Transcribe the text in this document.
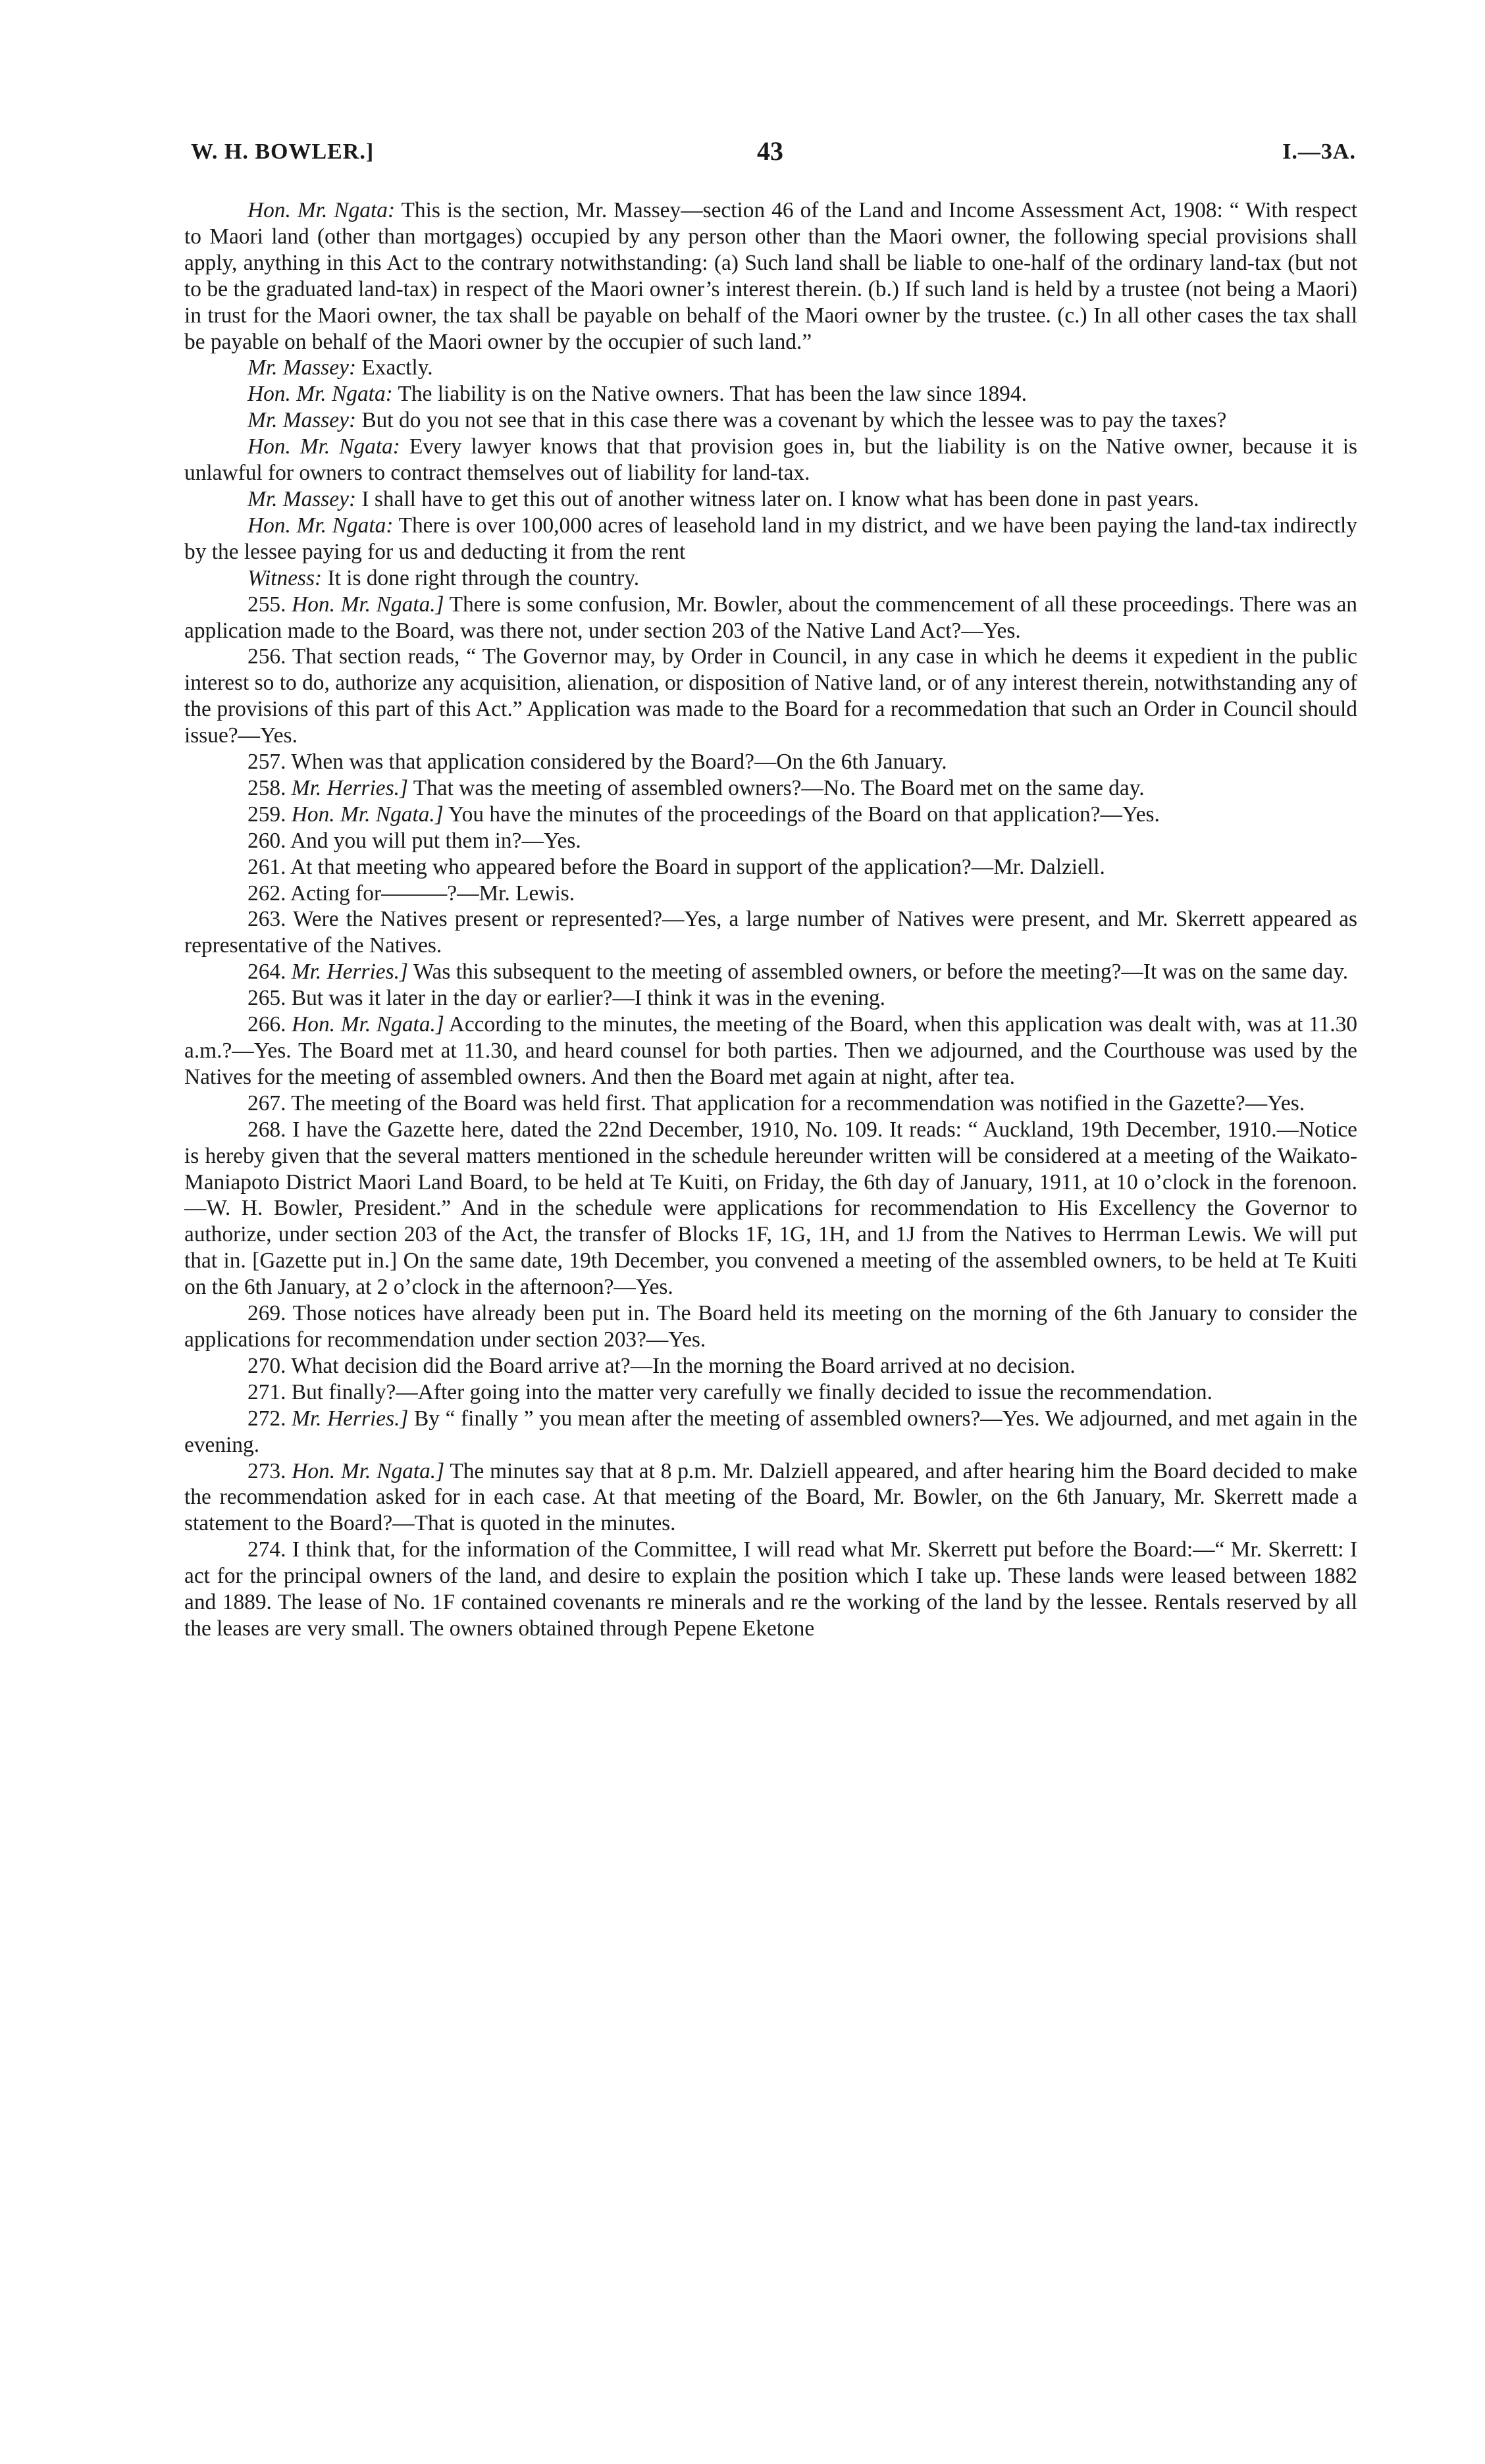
43
W. H. BOWLER.]	I.—3A.

Hon. Mr. Ngata: This is the section, Mr. Massey—section 46 of the Land and Income Assessment Act, 1908: “ With respect to Maori land (other than mortgages) occupied by any person other than the Maori owner, the following special provisions shall apply, anything in this Act to the contrary notwithstanding: (a) Such land shall be liable to one-half of the ordinary land-tax (but not to be the graduated land-tax) in respect of the Maori owner’s interest therein. (b.) If such land is held by a trustee (not being a Maori) in trust for the Maori owner, the tax shall be payable on behalf of the Maori owner by the trustee. (c.) In all other cases the tax shall be payable on behalf of the Maori owner by the occupier of such land.”

Mr. Massey: Exactly.

Hon. Mr. Ngata: The liability is on the Native owners. That has been the law since 1894.

Mr. Massey: But do you not see that in this case there was a covenant by which the lessee was to pay the taxes?

Hon. Mr. Ngata: Every lawyer knows that that provision goes in, but the liability is on the Native owner, because it is unlawful for owners to contract themselves out of liability for land-tax.

Mr. Massey: I shall have to get this out of another witness later on. I know what has been done in past years.

Hon. Mr. Ngata: There is over 100,000 acres of leasehold land in my district, and we have been paying the land-tax indirectly by the lessee paying for us and deducting it from the rent

Witness: It is done right through the country.

255. Hon. Mr. Ngata.] There is some confusion, Mr. Bowler, about the commencement of all these proceedings. There was an application made to the Board, was there not, under section 203 of the Native Land Act?—Yes.

256. That section reads, “ The Governor may, by Order in Council, in any case in which he deems it expedient in the public interest so to do, authorize any acquisition, alienation, or disposition of Native land, or of any interest therein, notwithstanding any of the provisions of this part of this Act.” Application was made to the Board for a recommedation that such an Order in Council should issue?—Yes.

257. When was that application considered by the Board?—On the 6th January.

258. Mr. Herries.] That was the meeting of assembled owners?—No. The Board met on the same day.

259. Hon. Mr. Ngata.] You have the minutes of the proceedings of the Board on that application?—Yes.

260. And you will put them in?—Yes.

261. At that meeting who appeared before the Board in support of the application?—Mr. Dalziell.

262. Acting for———?—Mr. Lewis.

263. Were the Natives present or represented?—Yes, a large number of Natives were present, and Mr. Skerrett appeared as representative of the Natives.

264. Mr. Herries.] Was this subsequent to the meeting of assembled owners, or before the meeting?—It was on the same day.

265. But was it later in the day or earlier?—I think it was in the evening.

266. Hon. Mr. Ngata.] According to the minutes, the meeting of the Board, when this application was dealt with, was at 11.30 a.m.?—Yes. The Board met at 11.30, and heard counsel for both parties. Then we adjourned, and the Courthouse was used by the Natives for the meeting of assembled owners. And then the Board met again at night, after tea.

267. The meeting of the Board was held first. That application for a recommendation was notified in the Gazette?—Yes.

268. I have the Gazette here, dated the 22nd December, 1910, No. 109. It reads: “ Auckland, 19th December, 1910.—Notice is hereby given that the several matters mentioned in the schedule hereunder written will be considered at a meeting of the Waikato-Maniapoto District Maori Land Board, to be held at Te Kuiti, on Friday, the 6th day of January, 1911, at 10 o’clock in the forenoon.—W. H. Bowler, President.” And in the schedule were applications for recommendation to His Excellency the Governor to authorize, under section 203 of the Act, the transfer of Blocks 1F, 1G, 1H, and 1J from the Natives to Herrman Lewis. We will put that in. [Gazette put in.] On the same date, 19th December, you convened a meeting of the assembled owners, to be held at Te Kuiti on the 6th January, at 2 o’clock in the afternoon?—Yes.

269. Those notices have already been put in. The Board held its meeting on the morning of the 6th January to consider the applications for recommendation under section 203?—Yes.

270. What decision did the Board arrive at?—In the morning the Board arrived at no decision.

271. But finally?—After going into the matter very carefully we finally decided to issue the recommendation.

272. Mr. Herries.] By “ finally ” you mean after the meeting of assembled owners?—Yes. We adjourned, and met again in the evening.

273. Hon. Mr. Ngata.] The minutes say that at 8 p.m. Mr. Dalziell appeared, and after hearing him the Board decided to make the recommendation asked for in each case. At that meeting of the Board, Mr. Bowler, on the 6th January, Mr. Skerrett made a statement to the Board?—That is quoted in the minutes.

274. I think that, for the information of the Committee, I will read what Mr. Skerrett put before the Board:—“ Mr. Skerrett: I act for the principal owners of the land, and desire to explain the position which I take up. These lands were leased between 1882 and 1889. The lease of No. 1F contained covenants re minerals and re the working of the land by the lessee. Rentals reserved by all the leases are very small. The owners obtained through Pepene Eketone
